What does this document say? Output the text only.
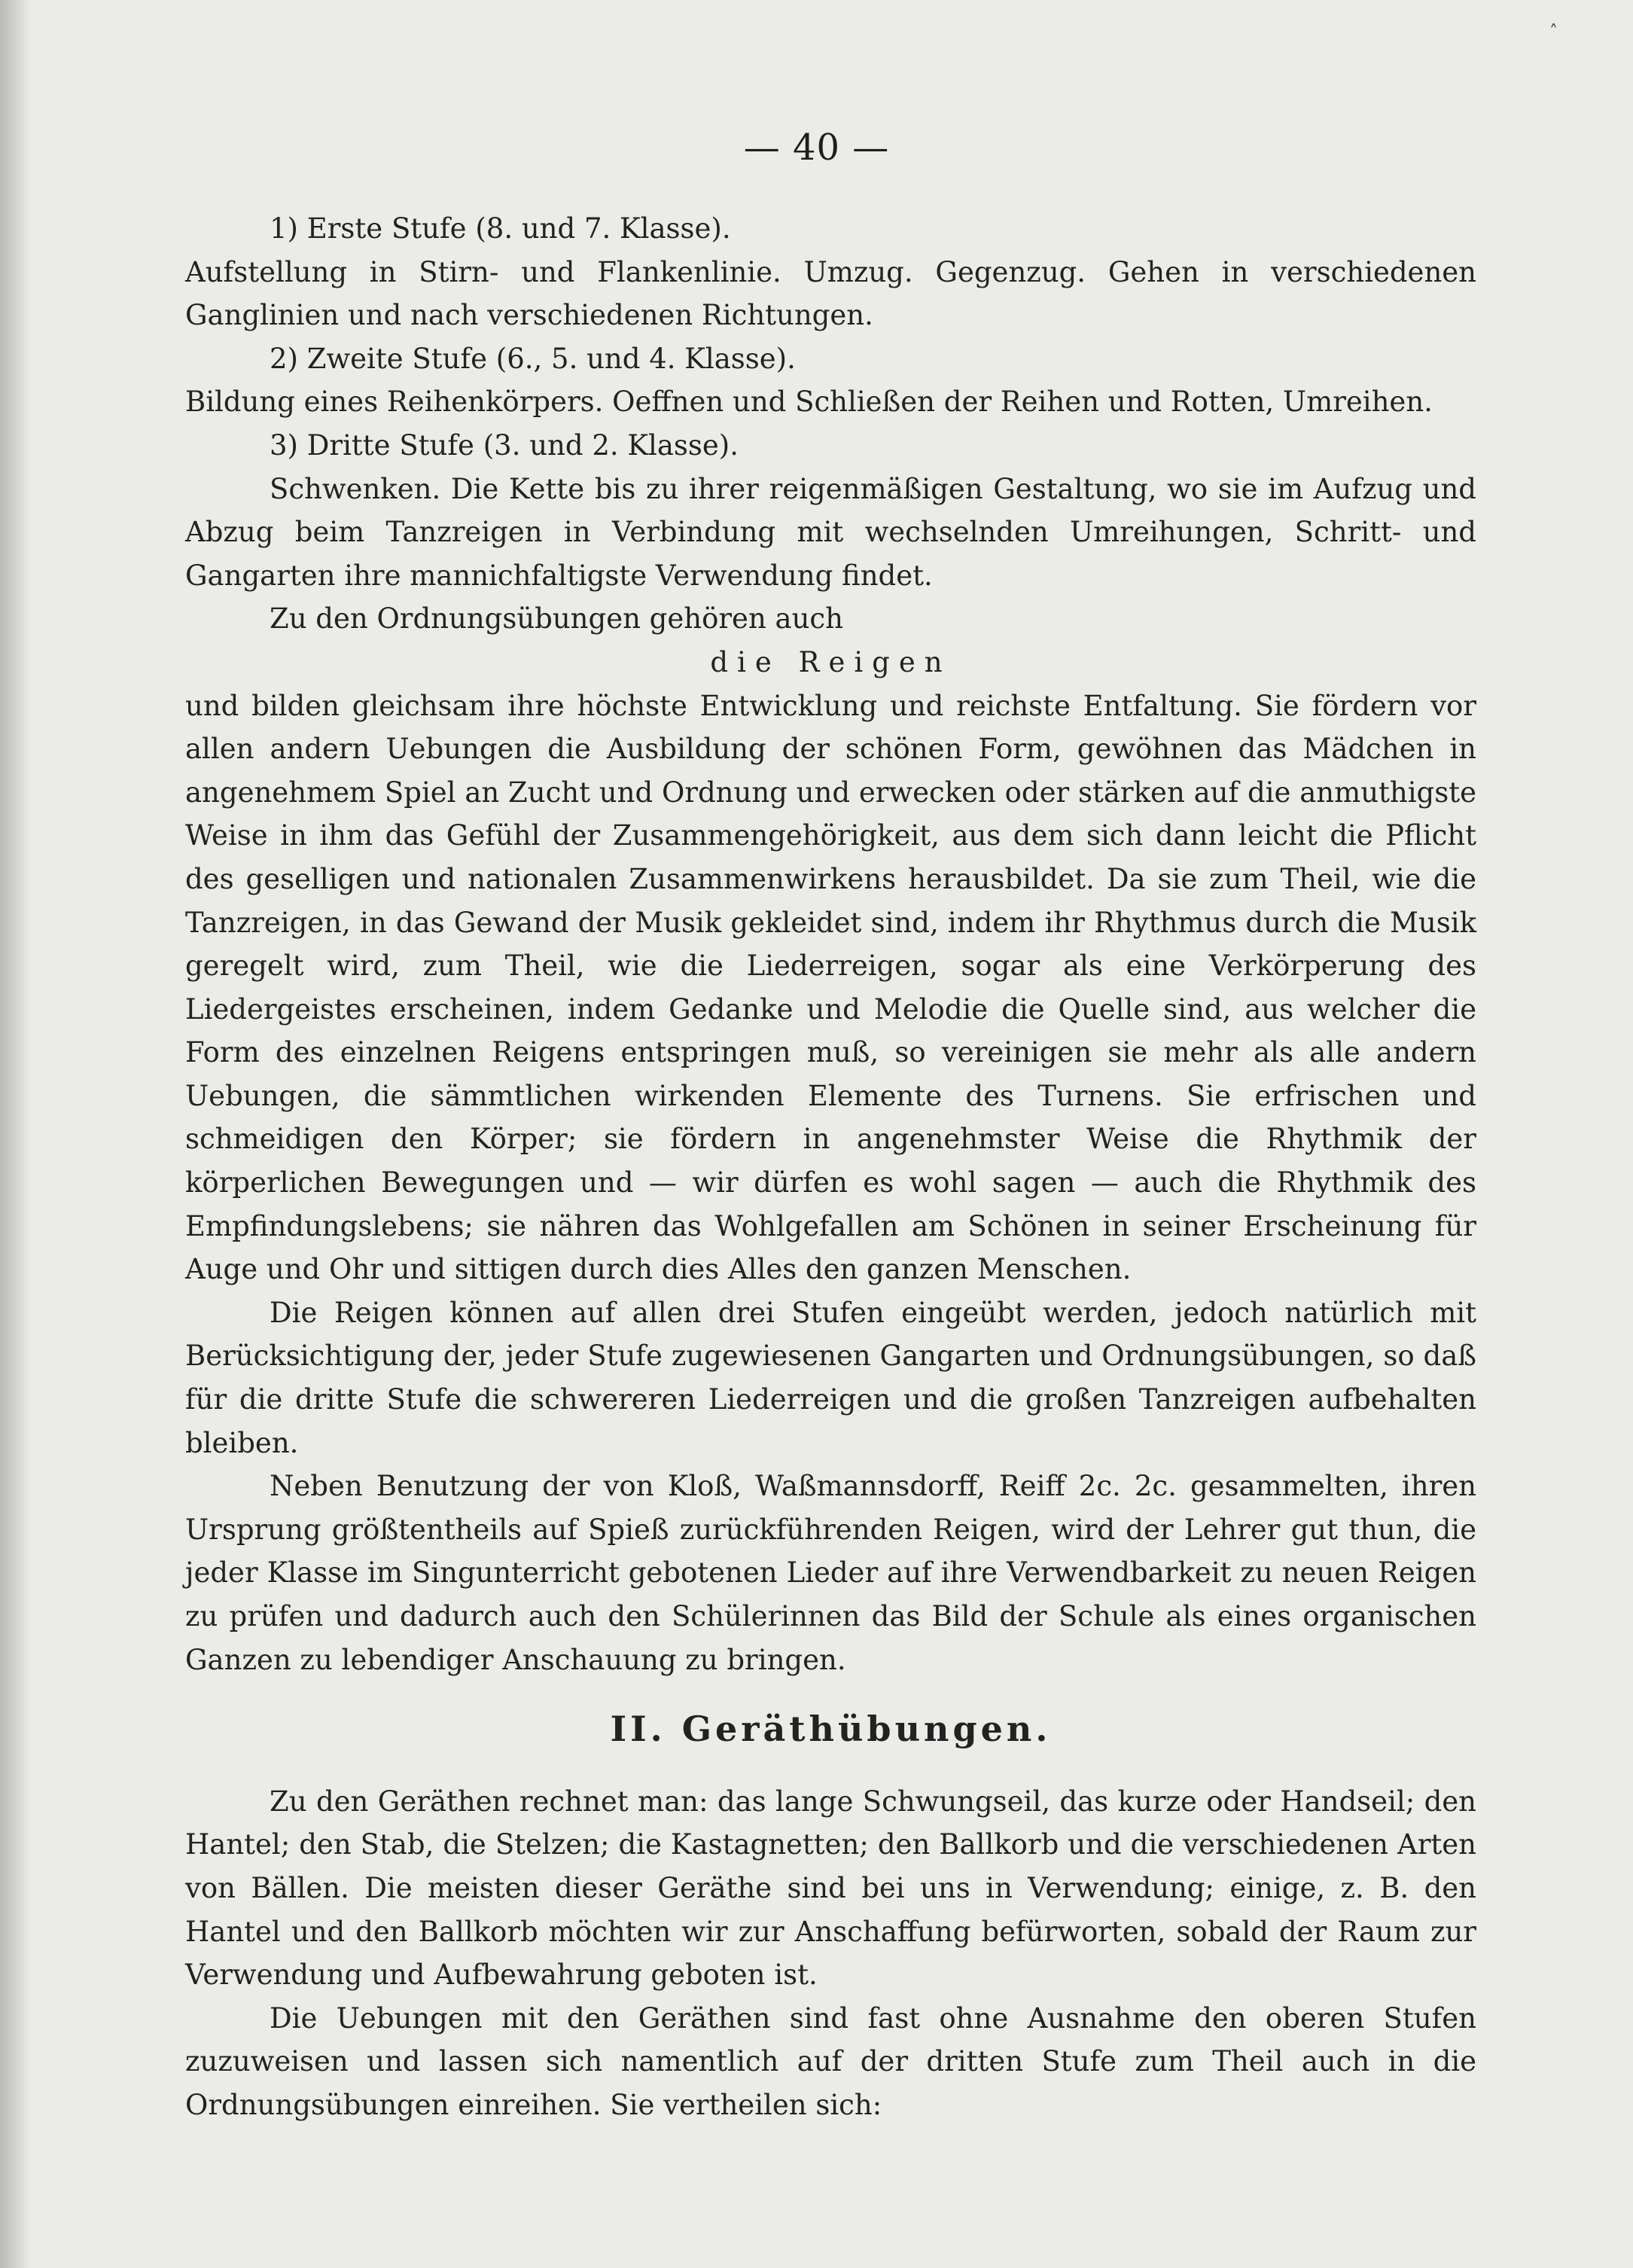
˄
— 40 —

1) Erste Stufe (8. und 7. Klasse).

Aufstellung in Stirn- und Flankenlinie. Umzug. Gegenzug. Gehen in verschiedenen Ganglinien und nach verschiedenen Richtungen.

2) Zweite Stufe (6., 5. und 4. Klasse).

Bildung eines Reihenkörpers. Oeffnen und Schließen der Reihen und Rotten, Umreihen.

3) Dritte Stufe (3. und 2. Klasse).

Schwenken. Die Kette bis zu ihrer reigenmäßigen Gestaltung, wo sie im Aufzug und Abzug beim Tanzreigen in Verbindung mit wechselnden Umreihungen, Schritt- und Gangarten ihre mannichfaltigste Verwendung findet.

Zu den Ordnungsübungen gehören auch

die Reigen

und bilden gleichsam ihre höchste Entwicklung und reichste Entfaltung. Sie fördern vor allen andern Uebungen die Ausbildung der schönen Form, gewöhnen das Mädchen in angenehmem Spiel an Zucht und Ordnung und erwecken oder stärken auf die anmuthigste Weise in ihm das Gefühl der Zusammengehörigkeit, aus dem sich dann leicht die Pflicht des geselligen und nationalen Zusammenwirkens herausbildet. Da sie zum Theil, wie die Tanzreigen, in das Gewand der Musik gekleidet sind, indem ihr Rhythmus durch die Musik geregelt wird, zum Theil, wie die Liederreigen, sogar als eine Verkörperung des Liedergeistes erscheinen, indem Gedanke und Melodie die Quelle sind, aus welcher die Form des einzelnen Reigens entspringen muß, so vereinigen sie mehr als alle andern Uebungen, die sämmtlichen wirkenden Elemente des Turnens. Sie erfrischen und schmeidigen den Körper; sie fördern in angenehmster Weise die Rhythmik der körperlichen Bewegungen und — wir dürfen es wohl sagen — auch die Rhythmik des Empfindungslebens; sie nähren das Wohlgefallen am Schönen in seiner Erscheinung für Auge und Ohr und sittigen durch dies Alles den ganzen Menschen.

Die Reigen können auf allen drei Stufen eingeübt werden, jedoch natürlich mit Berücksichtigung der, jeder Stufe zugewiesenen Gangarten und Ordnungsübungen, so daß für die dritte Stufe die schwereren Liederreigen und die großen Tanzreigen aufbehalten bleiben.

Neben Benutzung der von Kloß, Waßmannsdorff, Reiff 2c. 2c. gesammelten, ihren Ursprung größtentheils auf Spieß zurückführenden Reigen, wird der Lehrer gut thun, die jeder Klasse im Singunterricht gebotenen Lieder auf ihre Verwendbarkeit zu neuen Reigen zu prüfen und dadurch auch den Schülerinnen das Bild der Schule als eines organischen Ganzen zu lebendiger Anschauung zu bringen.

II. Geräthübungen.

Zu den Geräthen rechnet man: das lange Schwungseil, das kurze oder Handseil; den Hantel; den Stab, die Stelzen; die Kastagnetten; den Ballkorb und die verschiedenen Arten von Bällen. Die meisten dieser Geräthe sind bei uns in Verwendung; einige, z. B. den Hantel und den Ballkorb möchten wir zur Anschaffung befürworten, sobald der Raum zur Verwendung und Aufbewahrung geboten ist.

Die Uebungen mit den Geräthen sind fast ohne Ausnahme den oberen Stufen zuzuweisen und lassen sich namentlich auf der dritten Stufe zum Theil auch in die Ordnungsübungen einreihen. Sie vertheilen sich:
